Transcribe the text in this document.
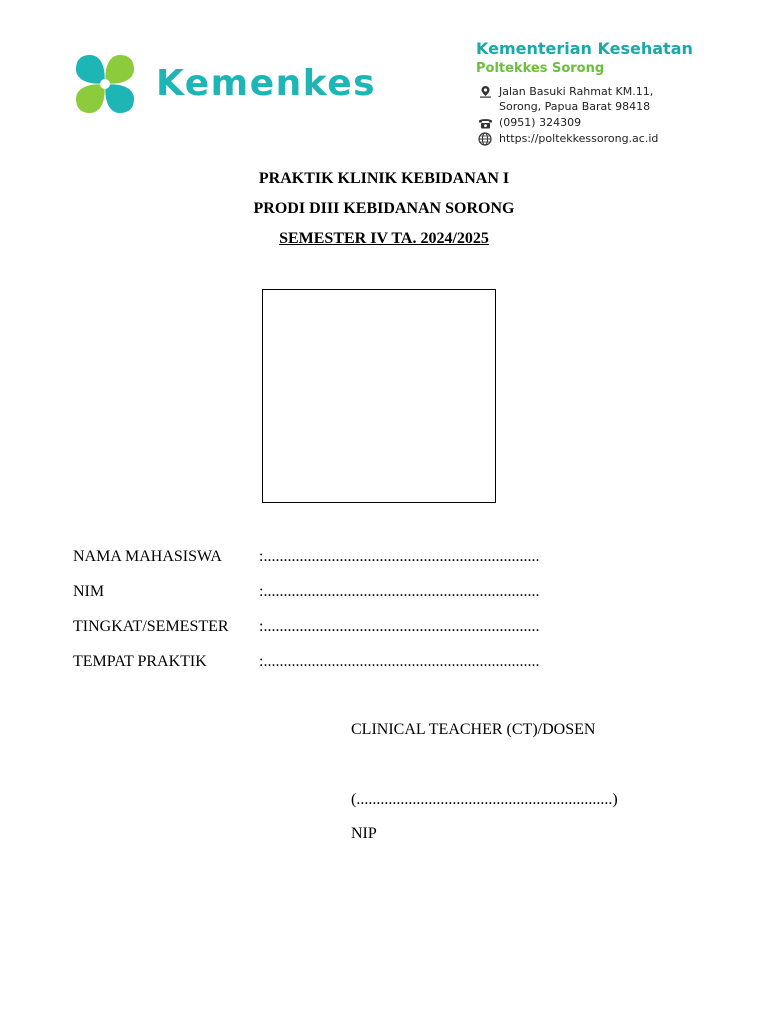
Kemenkes
Kementerian Kesehatan
Poltekkes Sorong
Jalan Basuki Rahmat KM.11,
Sorong, Papua Barat 98418
(0951) 324309
https://poltekkessorong.ac.id
PRAKTIK KLINIK KEBIDANAN I
PRODI DIII KEBIDANAN SORONG
SEMESTER IV TA. 2024/2025
NAMA MAHASISWA	:.....................................................................
NIM	:.....................................................................
TINGKAT/SEMESTER	:.....................................................................
TEMPAT PRAKTIK	:.....................................................................
CLINICAL TEACHER (CT)/DOSEN
(................................................................)
NIP
